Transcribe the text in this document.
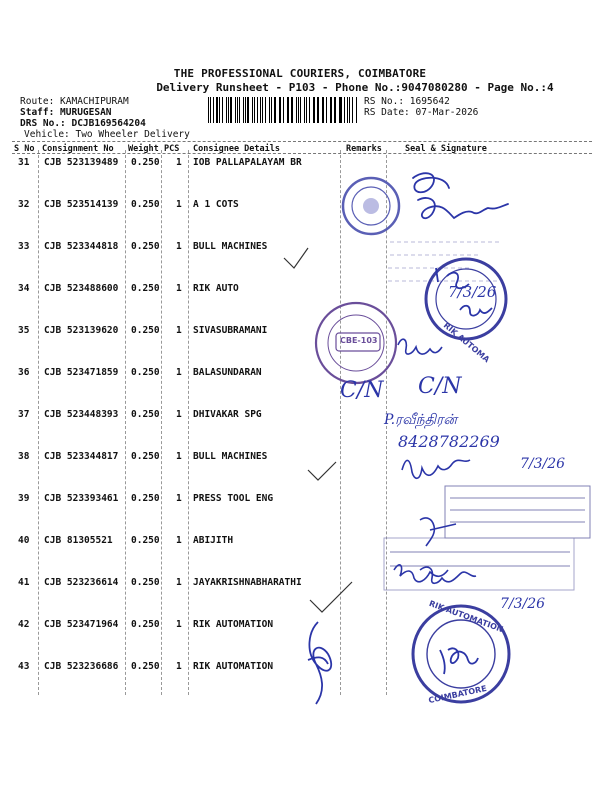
THE PROFESSIONAL COURIERS, COIMBATORE
Delivery Runsheet - P103 - Phone No.:9047080280 - Page No.:4
Route: KAMACHIPURAM
Staff: MURUGESAN
DRS No.: DCJB169564204
Vehicle: Two Wheeler Delivery
RS No.: 1695642
RS Date: 07-Mar-2026
S No Consignment No Weight PCS Consignee Details	Remarks	Seal & Signature
31 CJB 523139489 0.250 1 IOB PALLAPALAYAM BR
32 CJB 523514139 0.250 1 A 1 COTS
33 CJB 523344818 0.250 1 BULL MACHINES
34 CJB 523488600 0.250 1 RIK AUTO
35 CJB 523139620 0.250 1 SIVASUBRAMANI
36 CJB 523471859 0.250 1 BALASUNDARAN
37 CJB 523448393 0.250 1 DHIVAKAR SPG
38 CJB 523344817 0.250 1 BULL MACHINES
39 CJB 523393461 0.250 1 PRESS TOOL ENG
40 CJB 81305521 0.250 1 ABIJITH
41 CJB 523236614 0.250 1 JAYAKRISHNABHARATHI
42 CJB 523471964 0.250 1 RIK AUTOMATION
43 CJB 523236686 0.250 1 RIK AUTOMATION
CBE-103	RIK AUTOMA
RIK AUTOMATION
COIMBATORE
C/N C/N
P.ரவீந்திரன்
8428782269
7/3/26
7/3/26
7/3/26
